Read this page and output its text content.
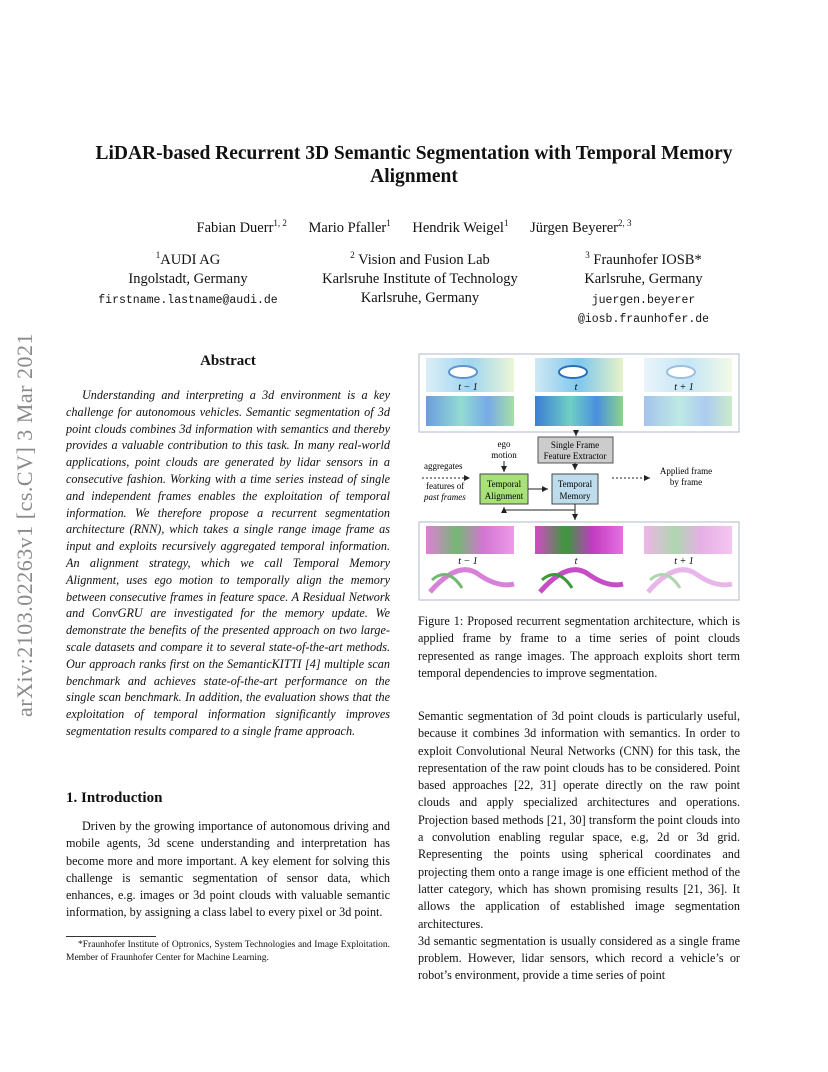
LiDAR-based Recurrent 3D Semantic Segmentation with Temporal Memory Alignment
Fabian Duerr$^{1, 2}$ Mario Pfaller$^1$ Hendrik Weigel$^1$ Jürgen Beyerer$^{2, 3}$
$^1$AUDI AG
Ingolstadt, Germany
firstname.lastname@audi.de
$^2$ Vision and Fusion Lab
Karlsruhe Institute of Technology
Karlsruhe, Germany
$^3$ Fraunhofer IOSB*
Karlsruhe, Germany
juergen.beyerer
@iosb.fraunhofer.de
arXiv:2103.02263v1 [cs.CV] 3 Mar 2021	Abstract
Understanding and interpreting a 3d environment is a key challenge for autonomous vehicles. Semantic segmentation of 3d point clouds combines 3d information with semantics and thereby provides a valuable contribution to this task. In many real-world applications, point clouds are generated by lidar sensors in a consecutive fashion. Working with a time series instead of single and independent frames enables the exploitation of temporal information. We therefore propose a recurrent segmentation architecture (RNN), which takes a single range image frame as input and exploits recursively aggregated temporal information. An alignment strategy, which we call Temporal Memory Alignment, uses ego motion to temporally align the memory between consecutive frames in feature space. A Residual Network and ConvGRU are investigated for the memory update. We demonstrate the benefits of the presented approach on two large-scale datasets and compare it to several state-of-the-art methods. Our approach ranks first on the SemanticKITTI [4] multiple scan benchmark and achieves state-of-the-art performance on the single scan benchmark. In addition, the evaluation shows that the exploitation of temporal information significantly improves segmentation results compared to a single frame approach.
1. Introduction
Driven by the growing importance of autonomous driving and mobile agents, 3d scene understanding and interpretation has become more and more important. A key element for solving this challenge is semantic segmentation of sensor data, which enhances, e.g. images or 3d point clouds with valuable semantic information, by assigning a class label to every pixel or 3d point.
*Fraunhofer Institute of Optronics, System Technologies and Image Exploitation. Member of Fraunhofer Center for Machine Learning.
t − 1	t	t + 1
ego
motion
Single Frame
Feature Extractor
aggregates
features of
past frames
Temporal
Alignment
Temporal
Memory
Applied frame
by frame
t − 1	t	t + 1
Figure 1: Proposed recurrent segmentation architecture, which is applied frame by frame to a time series of point clouds represented as range images. The approach exploits short term temporal dependencies to improve segmentation.
Semantic segmentation of 3d point clouds is particularly useful, because it combines 3d information with semantics. In order to exploit Convolutional Neural Networks (CNN) for this task, the representation of the raw point clouds has to be considered. Point based approaches [22, 31] operate directly on the raw point clouds and apply specialized architectures and operations. Projection based methods [21, 30] transform the point clouds into a convolution enabling regular space, e.g, 2d or 3d grid. Representing the points using spherical coordinates and projecting them onto a range image is one efficient method of the latter category, which has shown promising results [21, 36]. It allows the application of established image segmentation architectures.
3d semantic segmentation is usually considered as a single frame problem. However, lidar sensors, which record a vehicle’s or robot’s environment, provide a time series of point
